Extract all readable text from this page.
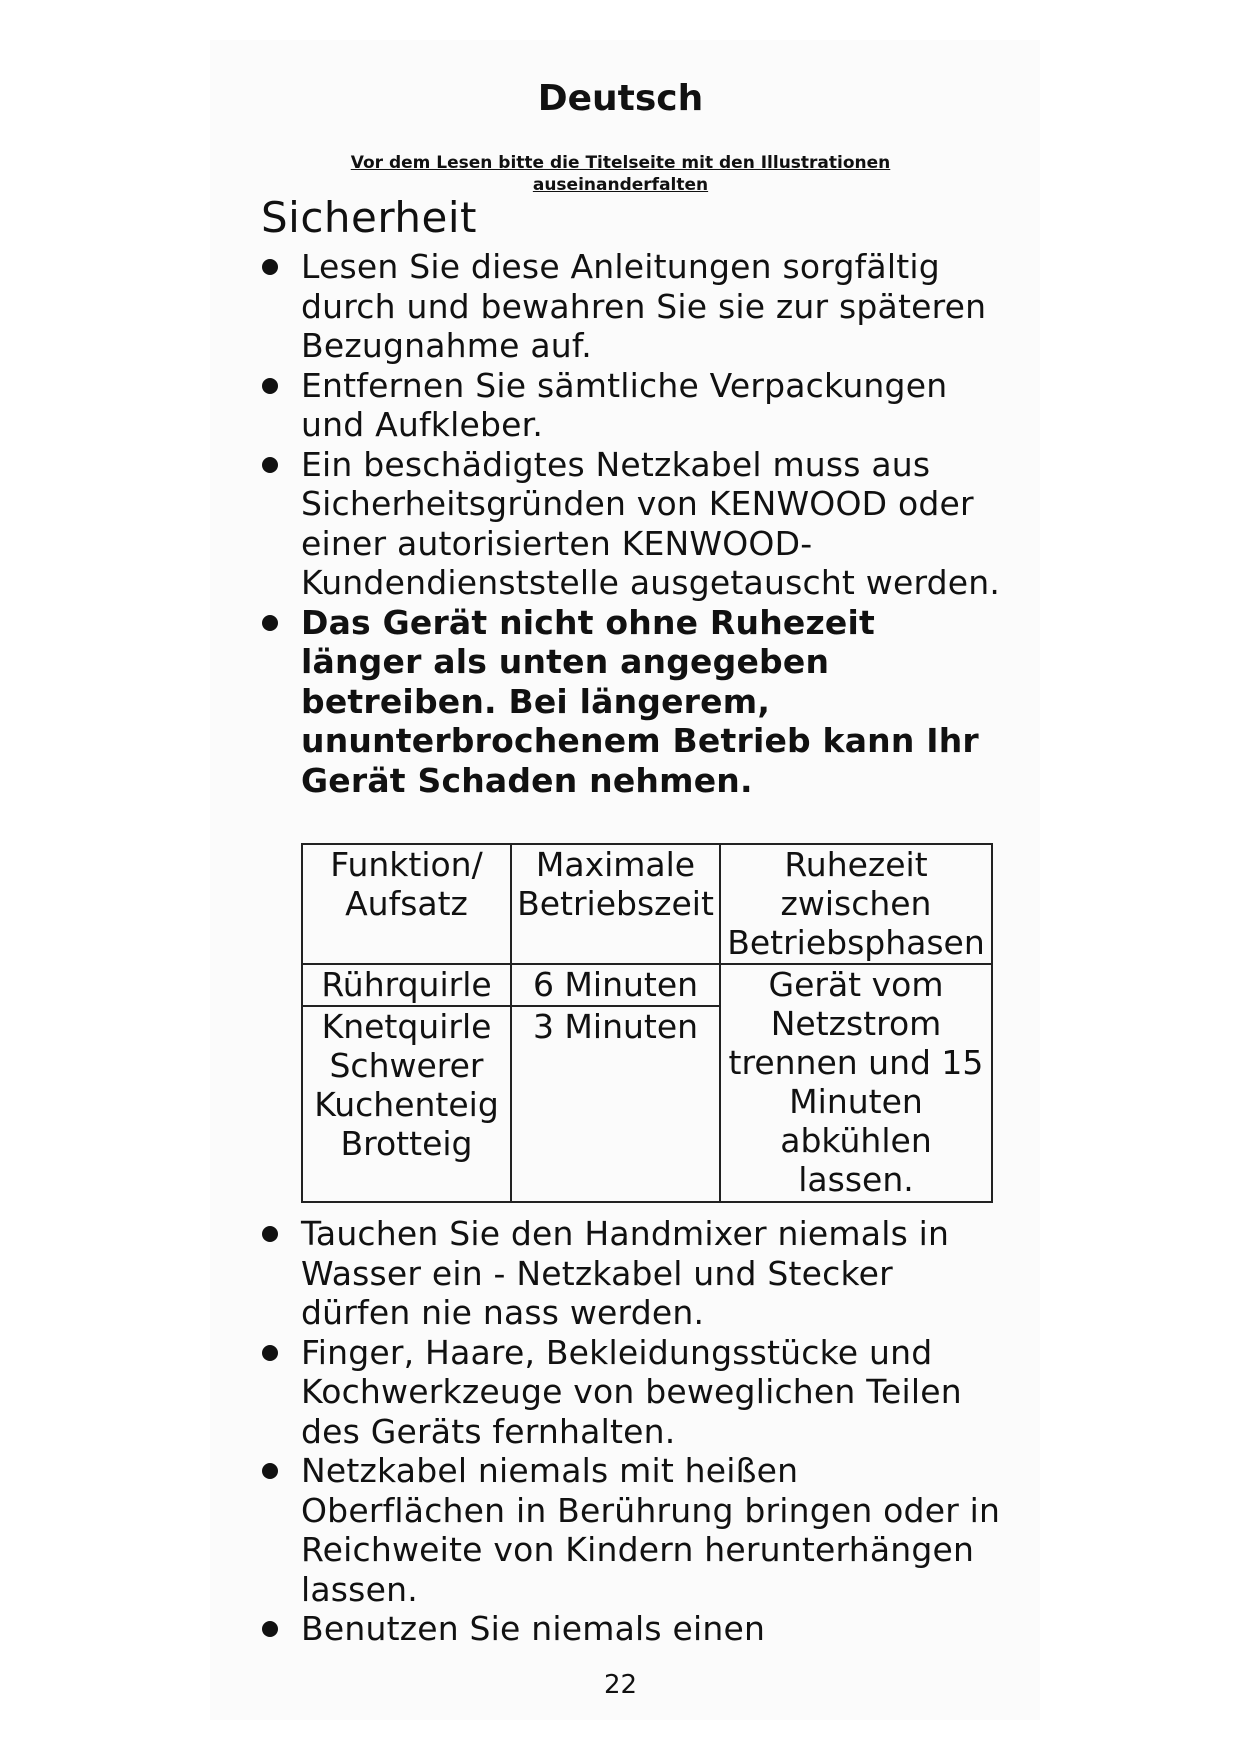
Deutsch
Vor dem Lesen bitte die Titelseite mit den Illustrationen
auseinanderfalten
Sicherheit
Lesen Sie diese Anleitungen sorgfältig durch und bewahren Sie sie zur späteren Bezugnahme auf.
Entfernen Sie sämtliche Verpackungen und Aufkleber.
Ein beschädigtes Netzkabel muss aus Sicherheitsgründen von KENWOOD oder einer autorisierten KENWOOD-Kundendienststelle ausgetauscht werden.
Das Gerät nicht ohne Ruhezeit länger als unten angegeben betreiben. Bei längerem, ununterbrochenem Betrieb kann Ihr Gerät Schaden nehmen.
Funktion/ Aufsatz	Maximale Betriebszeit	Ruhezeit zwischen Betriebsphasen
Rührquirle	6 Minuten	Gerät vom Netzstrom trennen und 15 Minuten abkühlen lassen.
Knetquirle Schwerer Kuchenteig Brotteig	3 Minuten	
Tauchen Sie den Handmixer niemals in Wasser ein - Netzkabel und Stecker dürfen nie nass werden.
Finger, Haare, Bekleidungsstücke und Kochwerkzeuge von beweglichen Teilen des Geräts fernhalten.
Netzkabel niemals mit heißen Oberflächen in Berührung bringen oder in Reichweite von Kindern herunterhängen lassen.
Benutzen Sie niemals einen
22
